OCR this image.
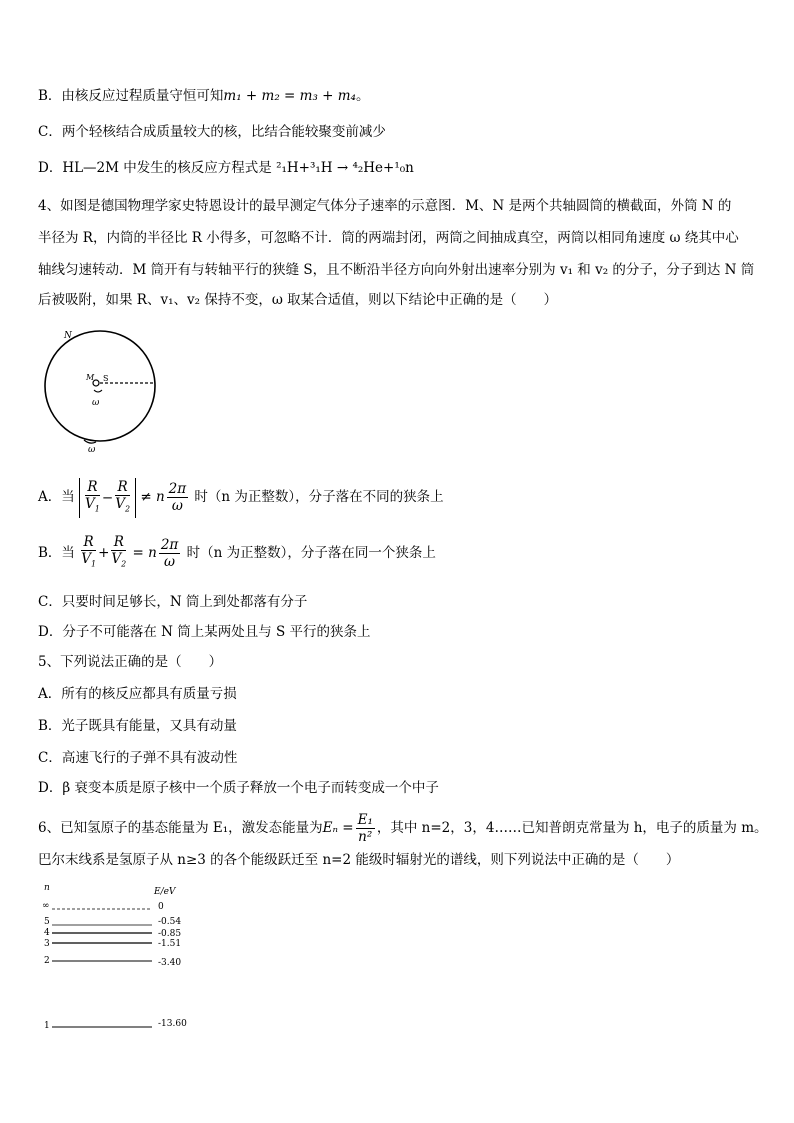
B．由核反应过程质量守恒可知m₁ + m₂ = m₃ + m₄。
C．两个轻核结合成质量较大的核，比结合能较聚变前减少
D．HL—2M 中发生的核反应方程式是 ²₁H+³₁H → ⁴₂He+¹₀n
4、如图是德国物理学家史特恩设计的最早测定气体分子速率的示意图．M、N 是两个共轴圆筒的横截面，外筒 N 的
半径为 R，内筒的半径比 R 小得多，可忽略不计．筒的两端封闭，两筒之间抽成真空，两筒以相同角速度 ω 绕其中心
轴线匀速转动．M 筒开有与转轴平行的狭缝 S，且不断沿半径方向向外射出速率分别为 v₁ 和 v₂ 的分子，分子到达 N 筒
后被吸附，如果 R、v₁、v₂ 保持不变，ω 取某合适值，则以下结论中正确的是（　　）
N
M S
ω
ω
A．当 $\frac{R}{V_1} - \frac{R}{V_2} \ne n \frac{2\pi}{\omega}$ 时（n 为正整数），分子落在不同的狭条上
B．当 $\frac{R}{V_1} + \frac{R}{V_2} = n \frac{2\pi}{\omega}$ 时（n 为正整数），分子落在同一个狭条上
C．只要时间足够长，N 筒上到处都落有分子
D．分子不可能落在 N 筒上某两处且与 S 平行的狭条上
5、下列说法正确的是（　　）
A．所有的核反应都具有质量亏损
B．光子既具有能量，又具有动量
C．高速飞行的子弹不具有波动性
D．β 衰变本质是原子核中一个质子释放一个电子而转变成一个中子
6、已知氢原子的基态能量为 E₁，激发态能量为$E_n = \frac{\text{E₁}}{\text{n²}}$ ，其中 n=2，3，4……已知普朗克常量为 h，电子的质量为 m。
巴尔末线系是氢原子从 n≥3 的各个能级跃迁至 n=2 能级时辐射光的谱线，则下列说法中正确的是（　　）
n	E/eV
∞	0
5	-0.54
4	-0.85
3	-1.51
2	-3.40
1	-13.60
